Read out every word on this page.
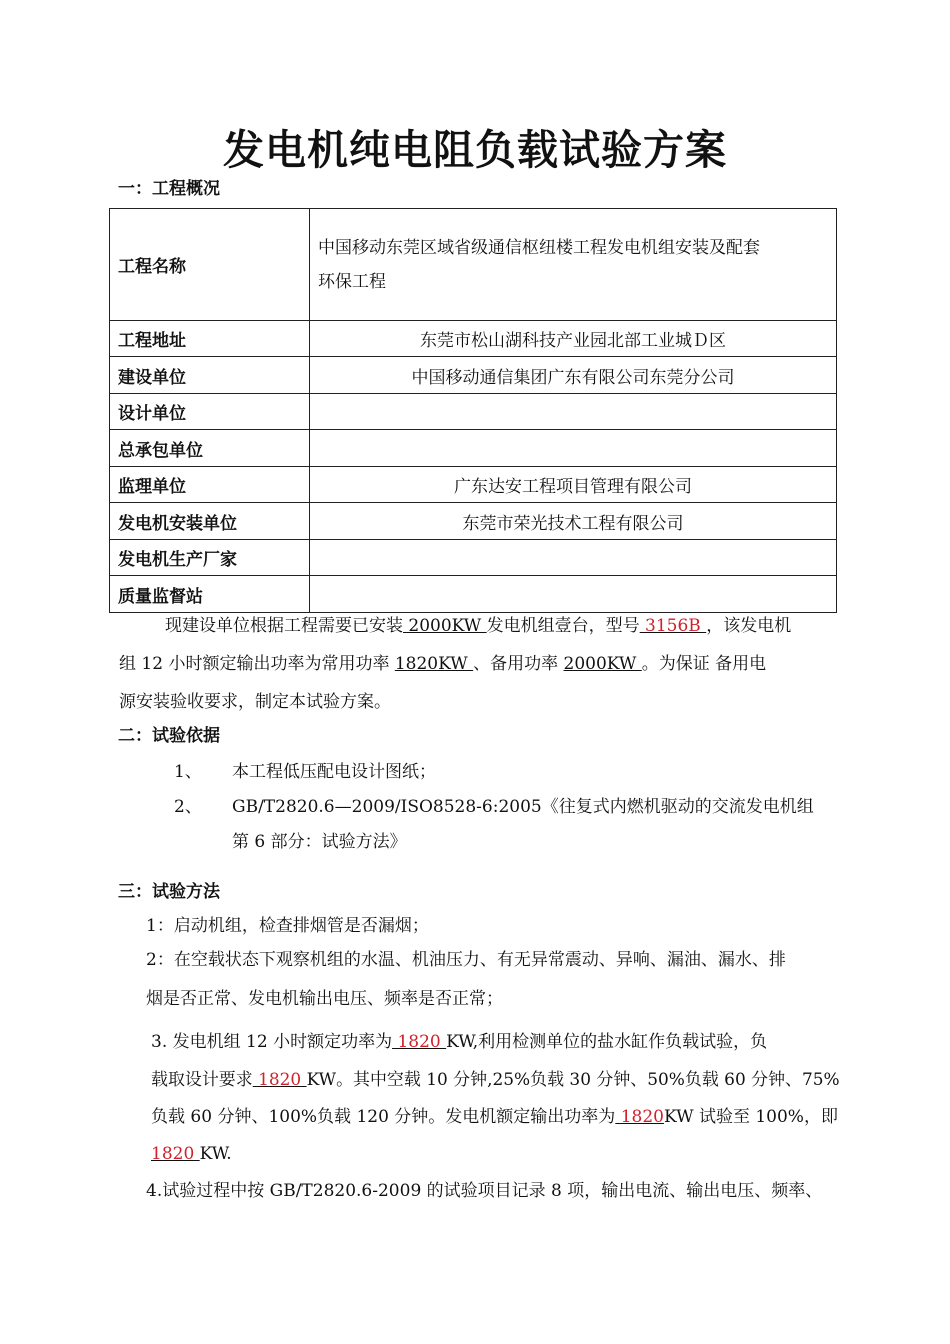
发电机纯电阻负载试验方案
一：工程概况
工程名称	中国移动东莞区域省级通信枢纽楼工程发电机组安装及配套
环保工程

工程地址	东莞市松山湖科技产业园北部工业城Ｄ区
建设单位	中国移动通信集团广东有限公司东莞分公司
设计单位	
总承包单位	
监理单位	广东达安工程项目管理有限公司
发电机安装单位	东莞市荣光技术工程有限公司
发电机生产厂家	
质量监督站	
现建设单位根据工程需要已安装 2000KW 发电机组壹台，型号 3156B ，该发电机
组 12 小时额定输出功率为常用功率 1820KW 、备用功率 2000KW 。为保证 备用电
源安装验收要求，制定本试验方案。
二：试验依据
1、 本工程低压配电设计图纸；
2、 GB/T2820.6—2009/ISO8528-6:2005《往复式内燃机驱动的交流发电机组
第 6 部分：试验方法》
三：试验方法
1：启动机组，检查排烟管是否漏烟；
2：在空载状态下观察机组的水温、机油压力、有无异常震动、异响、漏油、漏水、排
烟是否正常、发电机输出电压、频率是否正常；
3. 发电机组 12 小时额定功率为 1820 KW,利用检测单位的盐水缸作负载试验，负
载取设计要求 1820 KW。其中空载 10 分钟,25%负载 30 分钟、50%负载 60 分钟、75%
负载 60 分钟、100%负载 120 分钟。发电机额定输出功率为 1820KW 试验至 100%，即
1820 KW.
4.试验过程中按 GB/T2820.6-2009 的试验项目记录 8 项，输出电流、输出电压、频率、
